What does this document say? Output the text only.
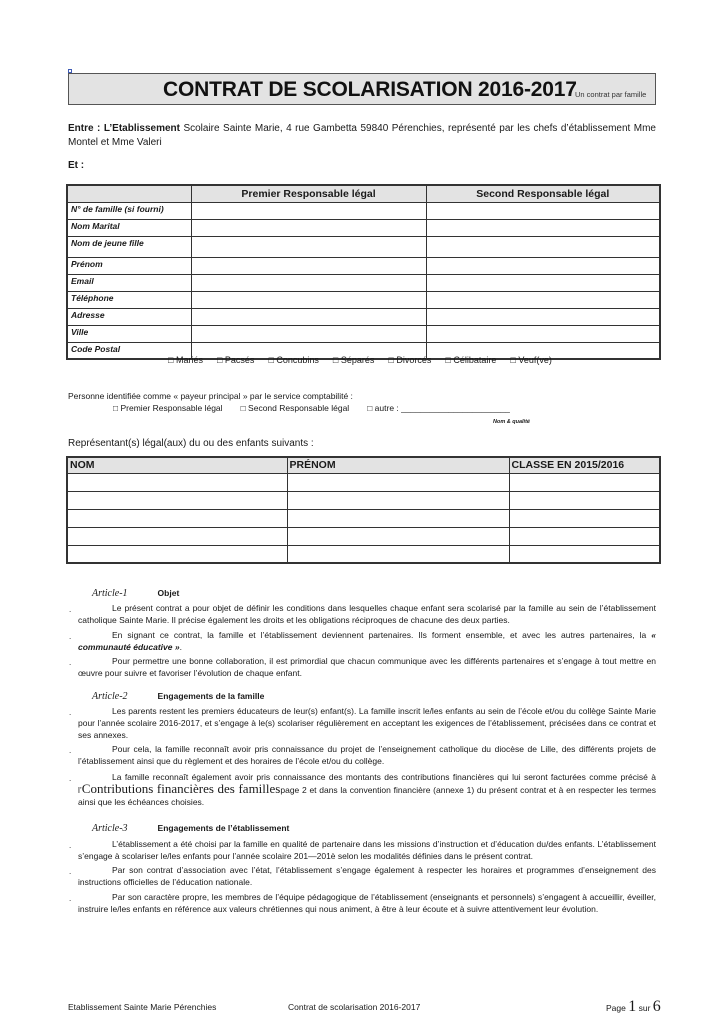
CONTRAT DE SCOLARISATION 2016-2017
Un contrat par famille
Entre : L’Etablissement Scolaire Sainte Marie, 4 rue Gambetta 59840 Pérenchies, représenté par les chefs d’établissement Mme Montel et Mme Valeri
Et :
	Premier Responsable légal	Second Responsable légal
N° de famille (si fourni)		
Nom Marital		
Nom de jeune fille		
Prénom		
Email		
Téléphone		
Adresse		
Ville		
Code Postal		
□ Mariés □ Pacsés □ Concubins □ Séparés □ Divorcés □ Célibataire □ Veuf(ve)
Personne identifiée comme « payeur principal » par le service comptabilité :
□ Premier Responsable légal □ Second Responsable légal □ autre : _______________________
Nom & qualité
Représentant(s) légal(aux) du ou des enfants suivants :
NOM	PRÉNOM	CLASSE EN 2015/2016

Article-1	Objet
.	Le présent contrat a pour objet de définir les conditions dans lesquelles chaque enfant sera scolarisé par la famille au sein de l’établissement catholique Sainte Marie. Il précise également les droits et les obligations réciproques de chacune des deux parties.
.	En signant ce contrat, la famille et l’établissement deviennent partenaires. Ils forment ensemble, et avec les autres partenaires, la « communauté éducative ».
.	Pour permettre une bonne collaboration, il est primordial que chacun communique avec les différents partenaires et s’engage à tout mettre en œuvre pour suivre et favoriser l’évolution de chaque enfant.
Article-2	Engagements de la famille
.	Les parents restent les premiers éducateurs de leur(s) enfant(s). La famille inscrit le/les enfants au sein de l’école et/ou du collège Sainte Marie pour l’année scolaire 2016-2017, et s’engage à le(s) scolariser régulièrement en acceptant les exigences de l’établissement, précisées dans ce contrat et ses annexes.
.	Pour cela, la famille reconnaît avoir pris connaissance du projet de l’enseignement catholique du diocèse de Lille, des différents projets de l’établissement ainsi que du règlement et des horaires de l’école et/ou du collège.
.	La famille reconnaît également avoir pris connaissance des montants des contributions financières qui lui seront facturées comme précisé à l’Contributions financières des famillespage 2 et dans la convention financière (annexe 1) du présent contrat et à en respecter les termes ainsi que les échéances choisies.
Article-3	Engagements de l’établissement
.	L’établissement a été choisi par la famille en qualité de partenaire dans les missions d’instruction et d’éducation du/des enfants. L’établissement s’engage à scolariser le/les enfants pour l’année scolaire 201—201è selon les modalités définies dans le présent contrat.
.	Par son contrat d’association avec l’état, l’établissement s’engage également à respecter les horaires et programmes d’enseignement des instructions officielles de l’éducation nationale.
.	Par son caractère propre, les membres de l’équipe pédagogique de l’établissement (enseignants et personnels) s’engagent à accueillir, éveiller, instruire le/les enfants en référence aux valeurs chrétiennes qui nous animent, à être à leur écoute et à suivre attentivement leur évolution.
Etablissement Sainte Marie Pérenchies	Contrat de scolarisation 2016-2017	Page 1 sur 6
